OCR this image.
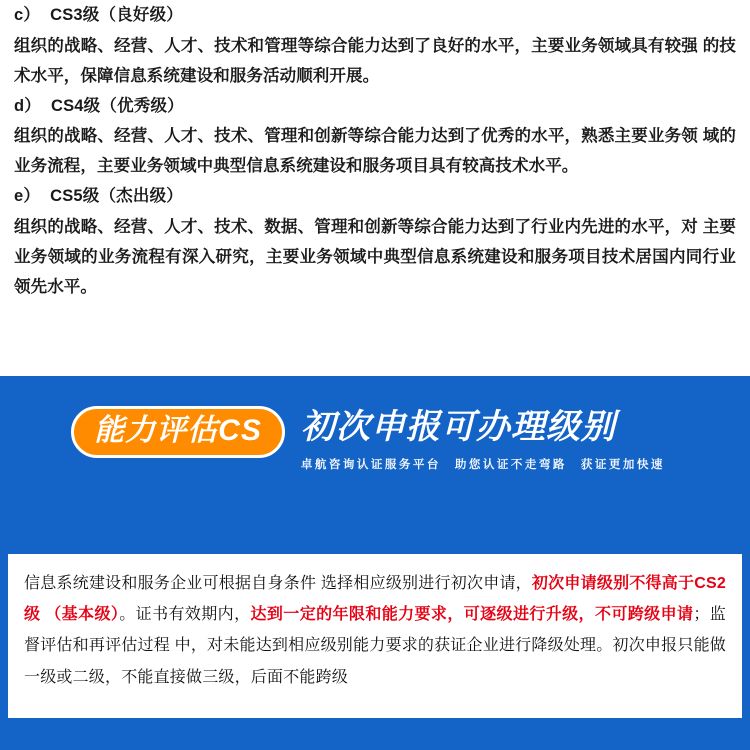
c） CS3级（良好级）
组织的战略、经营、人才、技术和管理等综合能力达到了良好的水平，主要业务领域具有较强 的技术水平，保障信息系统建设和服务活动顺利开展。
d） CS4级（优秀级）
组织的战略、经营、人才、技术、管理和创新等综合能力达到了优秀的水平，熟悉主要业务领 域的业务流程，主要业务领域中典型信息系统建设和服务项目具有较高技术水平。
e） CS5级（杰出级）
组织的战略、经营、人才、技术、数据、管理和创新等综合能力达到了行业内先进的水平，对 主要业务领域的业务流程有深入研究，主要业务领域中典型信息系统建设和服务项目技术居国内同行业领先水平。
能力评估CS 初次申报可办理级别
卓航咨询认证服务平台 助您认证不走弯路 获证更加快速

信息系统建设和服务企业可根据自身条件 选择相应级别进行初次申请，初次申请级别不得高于CS2级 （基本级）。证书有效期内，达到一定的年限和能力要求，可逐级进行升级，不可跨级申请；监督评估和再评估过程 中，对未能达到相应级别能力要求的获证企业进行降级处理。初次申报只能做一级或二级，不能直接做三级，后面不能跨级
